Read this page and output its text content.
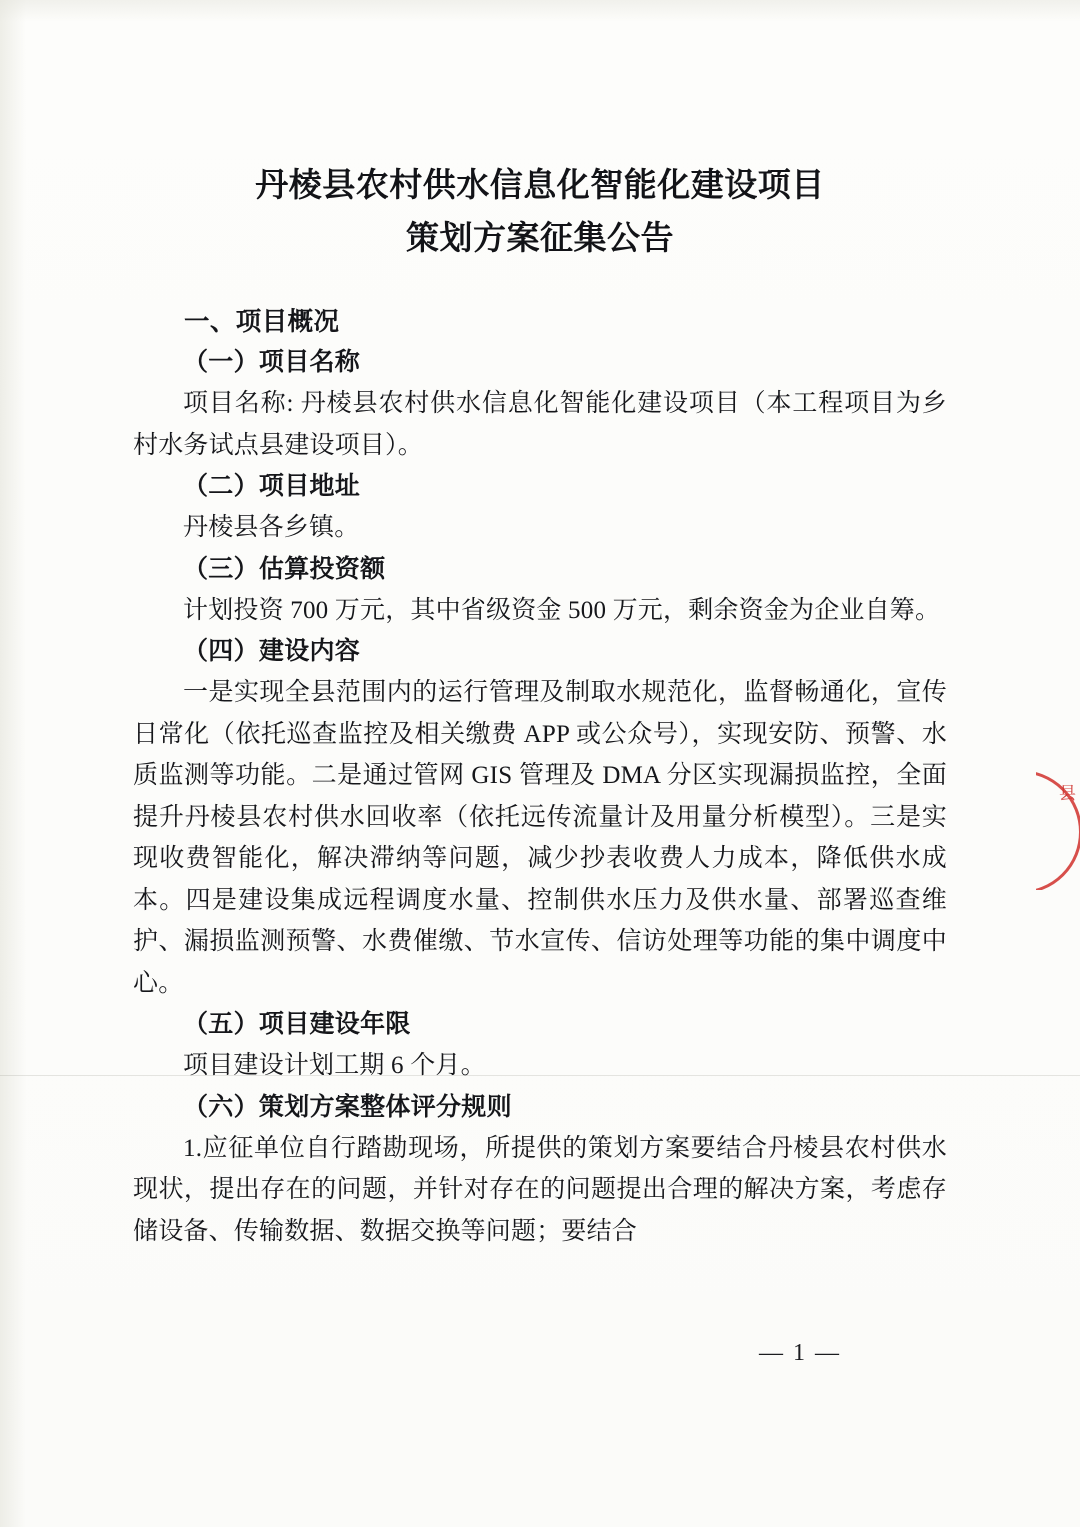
县
丹棱县农村供水信息化智能化建设项目
策划方案征集公告
一、项目概况
（一）项目名称

项目名称: 丹棱县农村供水信息化智能化建设项目（本工程项目为乡村水务试点县建设项目）。

（二）项目地址

丹棱县各乡镇。

（三）估算投资额

计划投资 700 万元，其中省级资金 500 万元，剩余资金为企业自筹。

（四）建设内容

一是实现全县范围内的运行管理及制取水规范化，监督畅通化，宣传日常化（依托巡查监控及相关缴费 APP 或公众号），实现安防、预警、水质监测等功能。二是通过管网 GIS 管理及 DMA 分区实现漏损监控，全面提升丹棱县农村供水回收率（依托远传流量计及用量分析模型）。三是实现收费智能化，解决滞纳等问题，减少抄表收费人力成本，降低供水成本。四是建设集成远程调度水量、控制供水压力及供水量、部署巡查维护、漏损监测预警、水费催缴、节水宣传、信访处理等功能的集中调度中心。

（五）项目建设年限

项目建设计划工期 6 个月。

（六）策划方案整体评分规则

1.应征单位自行踏勘现场，所提供的策划方案要结合丹棱县农村供水现状，提出存在的问题，并针对存在的问题提出合理的解决方案，考虑存储设备、传输数据、数据交换等问题；要结合

— 1 —
